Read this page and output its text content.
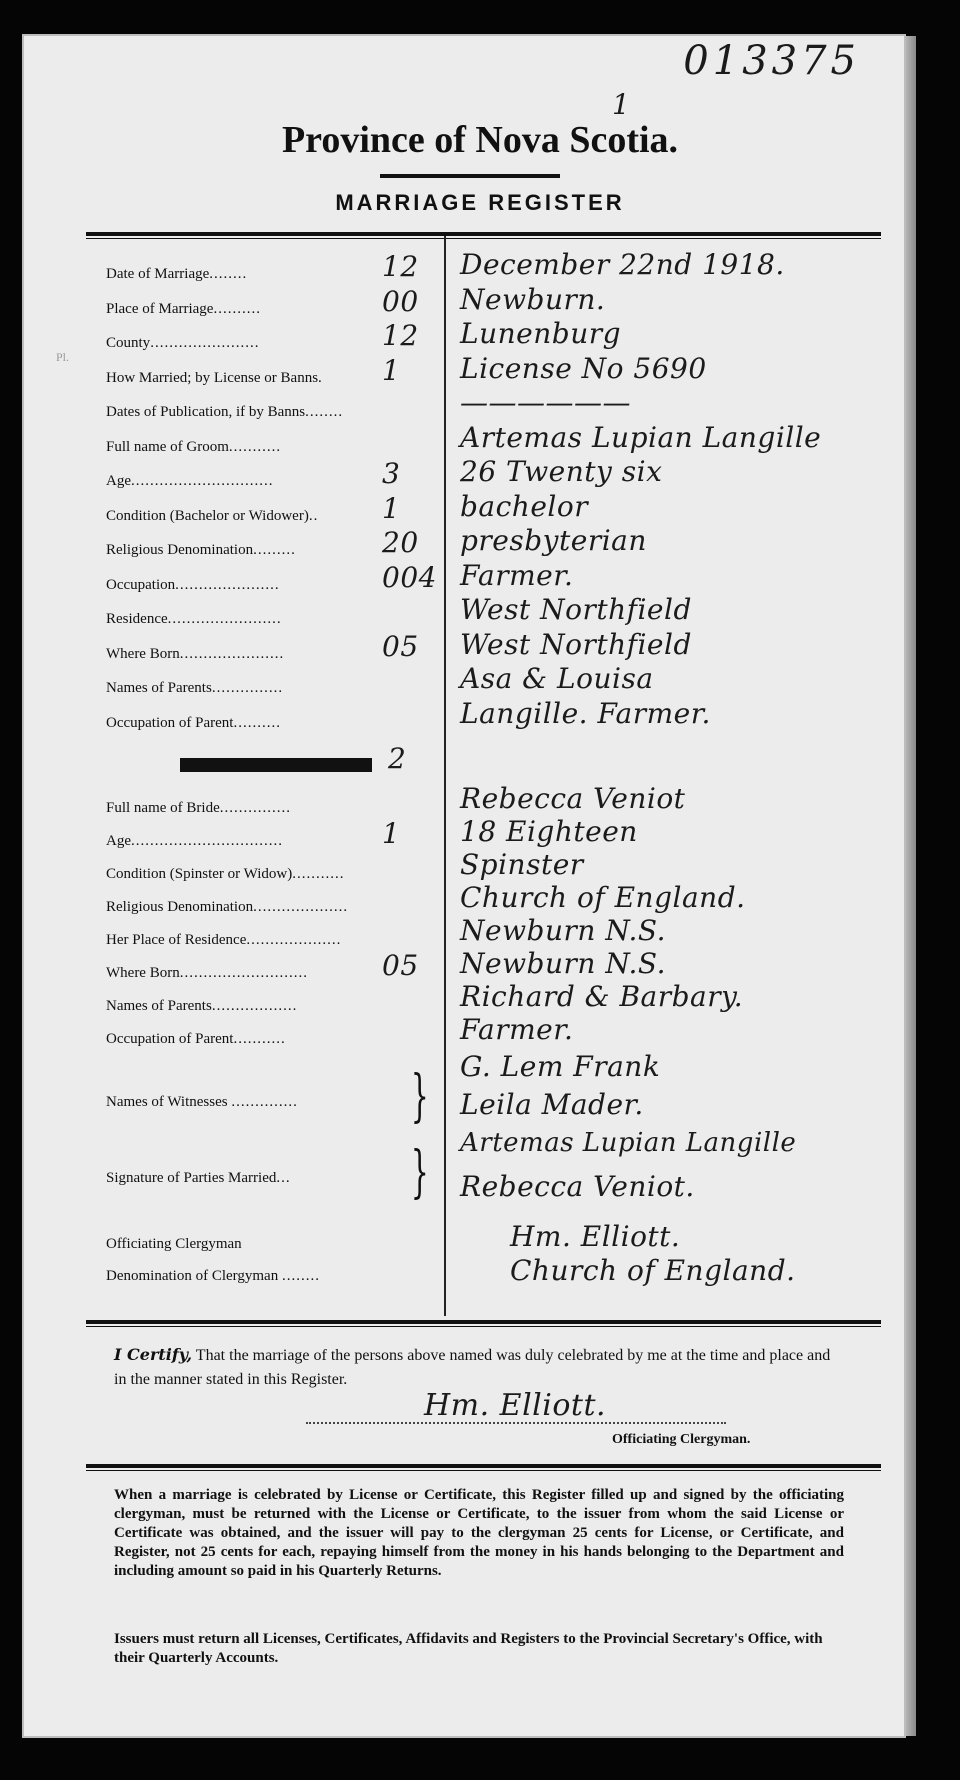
013375
1
Province of Nova Scotia.
MARRIAGE REGISTER
Pl.
Date of Marriage........	12 December 22nd 1918.
Place of Marriage..........	00 Newburn.
County.......................	12 Lunenburg
How Married; by License or Banns. 1 License No 5690
Dates of Publication, if by Banns........	——————
Full name of Groom...........	Artemas Lupian Langille
Age..............................	3 26 Twenty six
Condition (Bachelor or Widower).. 1 bachelor
Religious Denomination.........	20 presbyterian
Occupation......................	004 Farmer.
Residence........................	West Northfield
Where Born......................	05 West Northfield
Names of Parents...............	Asa & Louisa
Occupation of Parent..........	Langille. Farmer.
2
Full name of Bride...............	Rebecca Veniot
Age................................	1 18 Eighteen
Condition (Spinster or Widow)...........	Spinster
Religious Denomination....................	Church of England.
Her Place of Residence....................	Newburn N.S.
Where Born...........................	05 Newburn N.S.
Names of Parents..................	Richard & Barbary.
Occupation of Parent...........	Farmer.
Names of Witnesses .............. } G. Lem Frank
Leila Mader.
Signature of Parties Married... } Artemas Lupian Langille
Rebecca Veniot.
Officiating Clergyman	Hm. Elliott.
Denomination of Clergyman ........	Church of England.
I Certify, That the marriage of the persons above named was duly celebrated by me at the time and place and in the manner stated in this Register.
Hm. Elliott.
Officiating Clergyman.
When a marriage is celebrated by License or Certificate, this Register filled up and signed by the officiating clergyman, must be returned with the License or Certificate, to the issuer from whom the said License or Certificate was obtained, and the issuer will pay to the clergyman 25 cents for License, or Certificate, and Register, not 25 cents for each, repaying himself from the money in his hands belonging to the Department and including amount so paid in his Quarterly Returns.
Issuers must return all Licenses, Certificates, Affidavits and Registers to the Provincial Secretary's Office, with their Quarterly Accounts.
